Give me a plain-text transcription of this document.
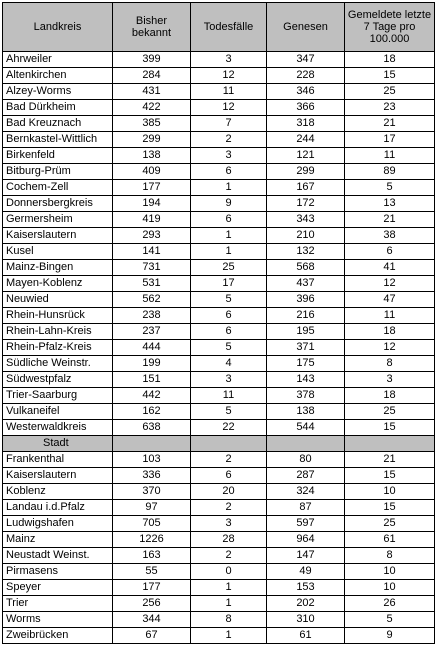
Landkreis	Bisher bekannt	Todesfälle	Genesen	Gemeldete letzte 7 Tage pro 100.000
Ahrweiler	399	3	347	18
Altenkirchen	284	12	228	15
Alzey-Worms	431	11	346	25
Bad Dürkheim	422	12	366	23
Bad Kreuznach	385	7	318	21
Bernkastel-Wittlich	299	2	244	17
Birkenfeld	138	3	121	11
Bitburg-Prüm	409	6	299	89
Cochem-Zell	177	1	167	5
Donnersbergkreis	194	9	172	13
Germersheim	419	6	343	21
Kaiserslautern	293	1	210	38
Kusel	141	1	132	6
Mainz-Bingen	731	25	568	41
Mayen-Koblenz	531	17	437	12
Neuwied	562	5	396	47
Rhein-Hunsrück	238	6	216	11
Rhein-Lahn-Kreis	237	6	195	18
Rhein-Pfalz-Kreis	444	5	371	12
Südliche Weinstr.	199	4	175	8
Südwestpfalz	151	3	143	3
Trier-Saarburg	442	11	378	18
Vulkaneifel	162	5	138	25
Westerwaldkreis	638	22	544	15
Stadt				
Frankenthal	103	2	80	21
Kaiserslautern	336	6	287	15
Koblenz	370	20	324	10
Landau i.d.Pfalz	97	2	87	15
Ludwigshafen	705	3	597	25
Mainz	1226	28	964	61
Neustadt Weinst.	163	2	147	8
Pirmasens	55	0	49	10
Speyer	177	1	153	10
Trier	256	1	202	26
Worms	344	8	310	5
Zweibrücken	67	1	61	9
